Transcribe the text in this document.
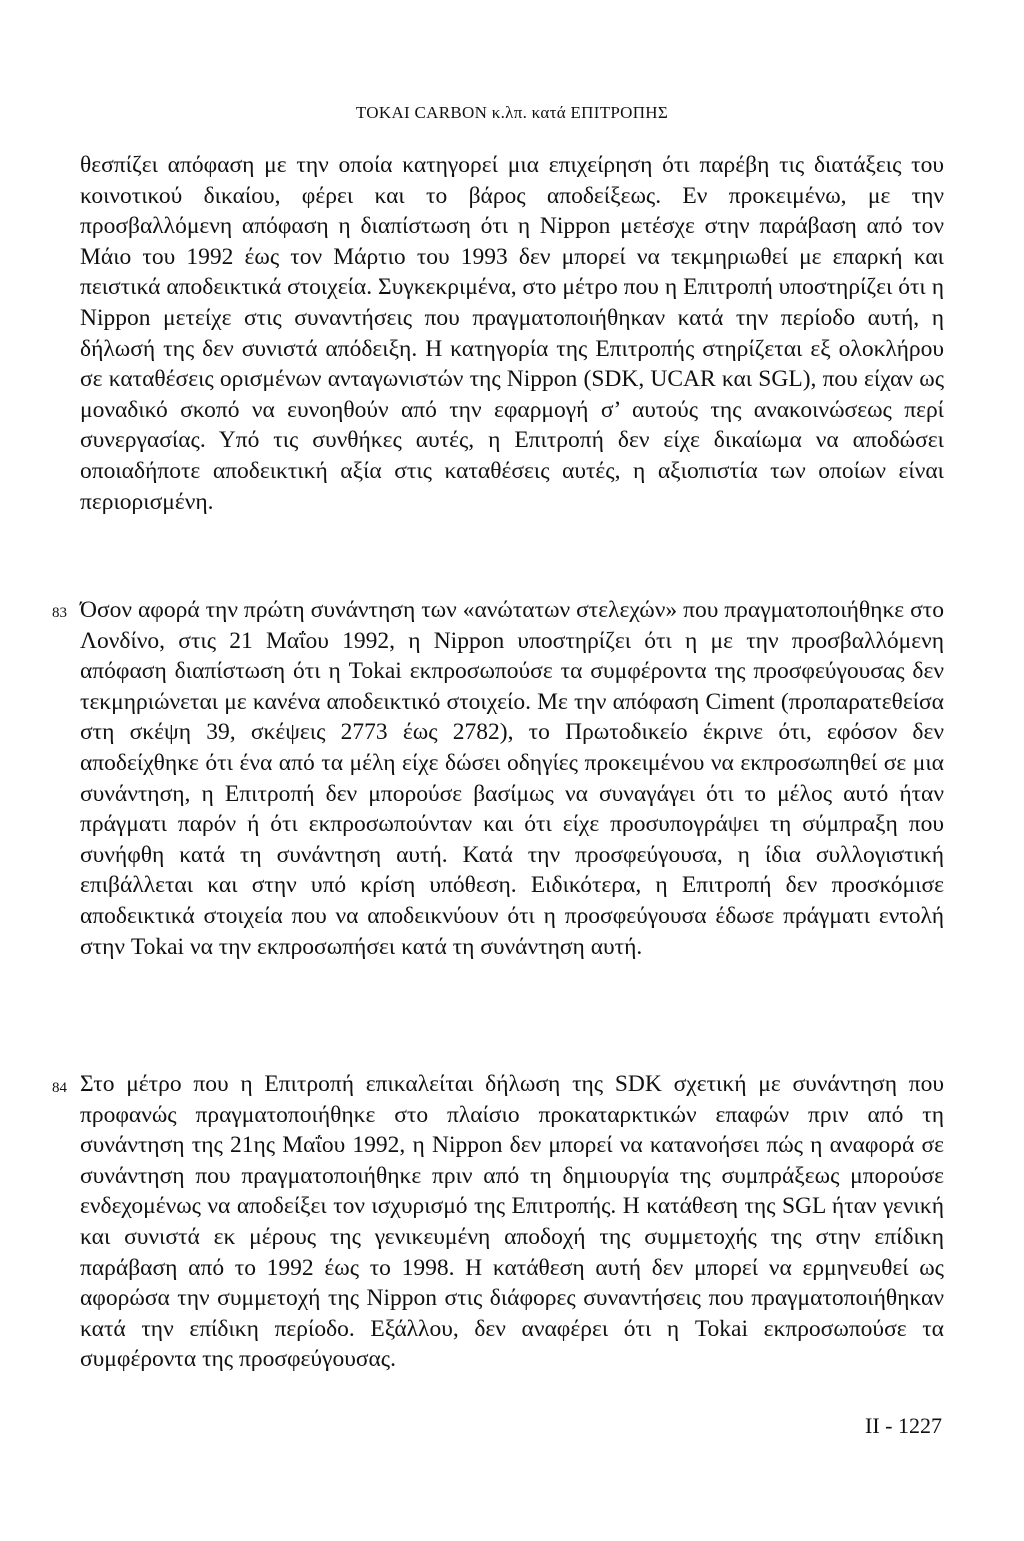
TOKAI CARBON κ.λπ. κατά ΕΠΙΤΡΟΠΗΣ

θεσπίζει απόφαση με την οποία κατηγορεί μια επιχείρηση ότι παρέβη τις διατάξεις του κοινοτικού δικαίου, φέρει και το βάρος αποδείξεως. Εν προκειμένω, με την προσβαλλόμενη απόφαση η διαπίστωση ότι η Nippon μετέσχε στην παράβαση από τον Μάιο του 1992 έως τον Μάρτιο του 1993 δεν μπορεί να τεκμηριωθεί με επαρκή και πειστικά αποδεικτικά στοιχεία. Συγκεκριμένα, στο μέτρο που η Επιτροπή υποστηρίζει ότι η Nippon μετείχε στις συναντήσεις που πραγματοποιήθηκαν κατά την περίοδο αυτή, η δήλωσή της δεν συνιστά απόδειξη. Η κατηγορία της Επιτροπής στηρίζεται εξ ολοκλήρου σε καταθέσεις ορισμένων ανταγωνιστών της Nippon (SDK, UCAR και SGL), που είχαν ως μοναδικό σκοπό να ευνοηθούν από την εφαρμογή σ’ αυτούς της ανακοινώσεως περί συνεργασίας. Υπό τις συνθήκες αυτές, η Επιτροπή δεν είχε δικαίωμα να αποδώσει οποιαδήποτε αποδεικτική αξία στις καταθέσεις αυτές, η αξιοπιστία των οποίων είναι περιορισμένη.

83 Όσον αφορά την πρώτη συνάντηση των «ανώτατων στελεχών» που πραγματοποιήθηκε στο Λονδίνο, στις 21 Μαΐου 1992, η Nippon υποστηρίζει ότι η με την προσβαλλόμενη απόφαση διαπίστωση ότι η Tokai εκπροσωπούσε τα συμφέροντα της προσφεύγουσας δεν τεκμηριώνεται με κανένα αποδεικτικό στοιχείο. Με την απόφαση Ciment (προπαρατεθείσα στη σκέψη 39, σκέψεις 2773 έως 2782), το Πρωτοδικείο έκρινε ότι, εφόσον δεν αποδείχθηκε ότι ένα από τα μέλη είχε δώσει οδηγίες προκειμένου να εκπροσωπηθεί σε μια συνάντηση, η Επιτροπή δεν μπορούσε βασίμως να συναγάγει ότι το μέλος αυτό ήταν πράγματι παρόν ή ότι εκπροσωπούνταν και ότι είχε προσυπογράψει τη σύμπραξη που συνήφθη κατά τη συνάντηση αυτή. Κατά την προσφεύγουσα, η ίδια συλλογιστική επιβάλλεται και στην υπό κρίση υπόθεση. Ειδικότερα, η Επιτροπή δεν προσκόμισε αποδεικτικά στοιχεία που να αποδεικνύουν ότι η προσφεύγουσα έδωσε πράγματι εντολή στην Tokai να την εκπροσωπήσει κατά τη συνάντηση αυτή.

84 Στο μέτρο που η Επιτροπή επικαλείται δήλωση της SDK σχετική με συνάντηση που προφανώς πραγματοποιήθηκε στο πλαίσιο προκαταρκτικών επαφών πριν από τη συνάντηση της 21ης Μαΐου 1992, η Nippon δεν μπορεί να κατανοήσει πώς η αναφορά σε συνάντηση που πραγματοποιήθηκε πριν από τη δημιουργία της συμπράξεως μπορούσε ενδεχομένως να αποδείξει τον ισχυρισμό της Επιτροπής. Η κατάθεση της SGL ήταν γενική και συνιστά εκ μέρους της γενικευμένη αποδοχή της συμμετοχής της στην επίδικη παράβαση από το 1992 έως το 1998. Η κατάθεση αυτή δεν μπορεί να ερμηνευθεί ως αφορώσα την συμμετοχή της Nippon στις διάφορες συναντήσεις που πραγματοποιήθηκαν κατά την επίδικη περίοδο. Εξάλλου, δεν αναφέρει ότι η Tokai εκπροσωπούσε τα συμφέροντα της προσφεύγουσας.

II - 1227
